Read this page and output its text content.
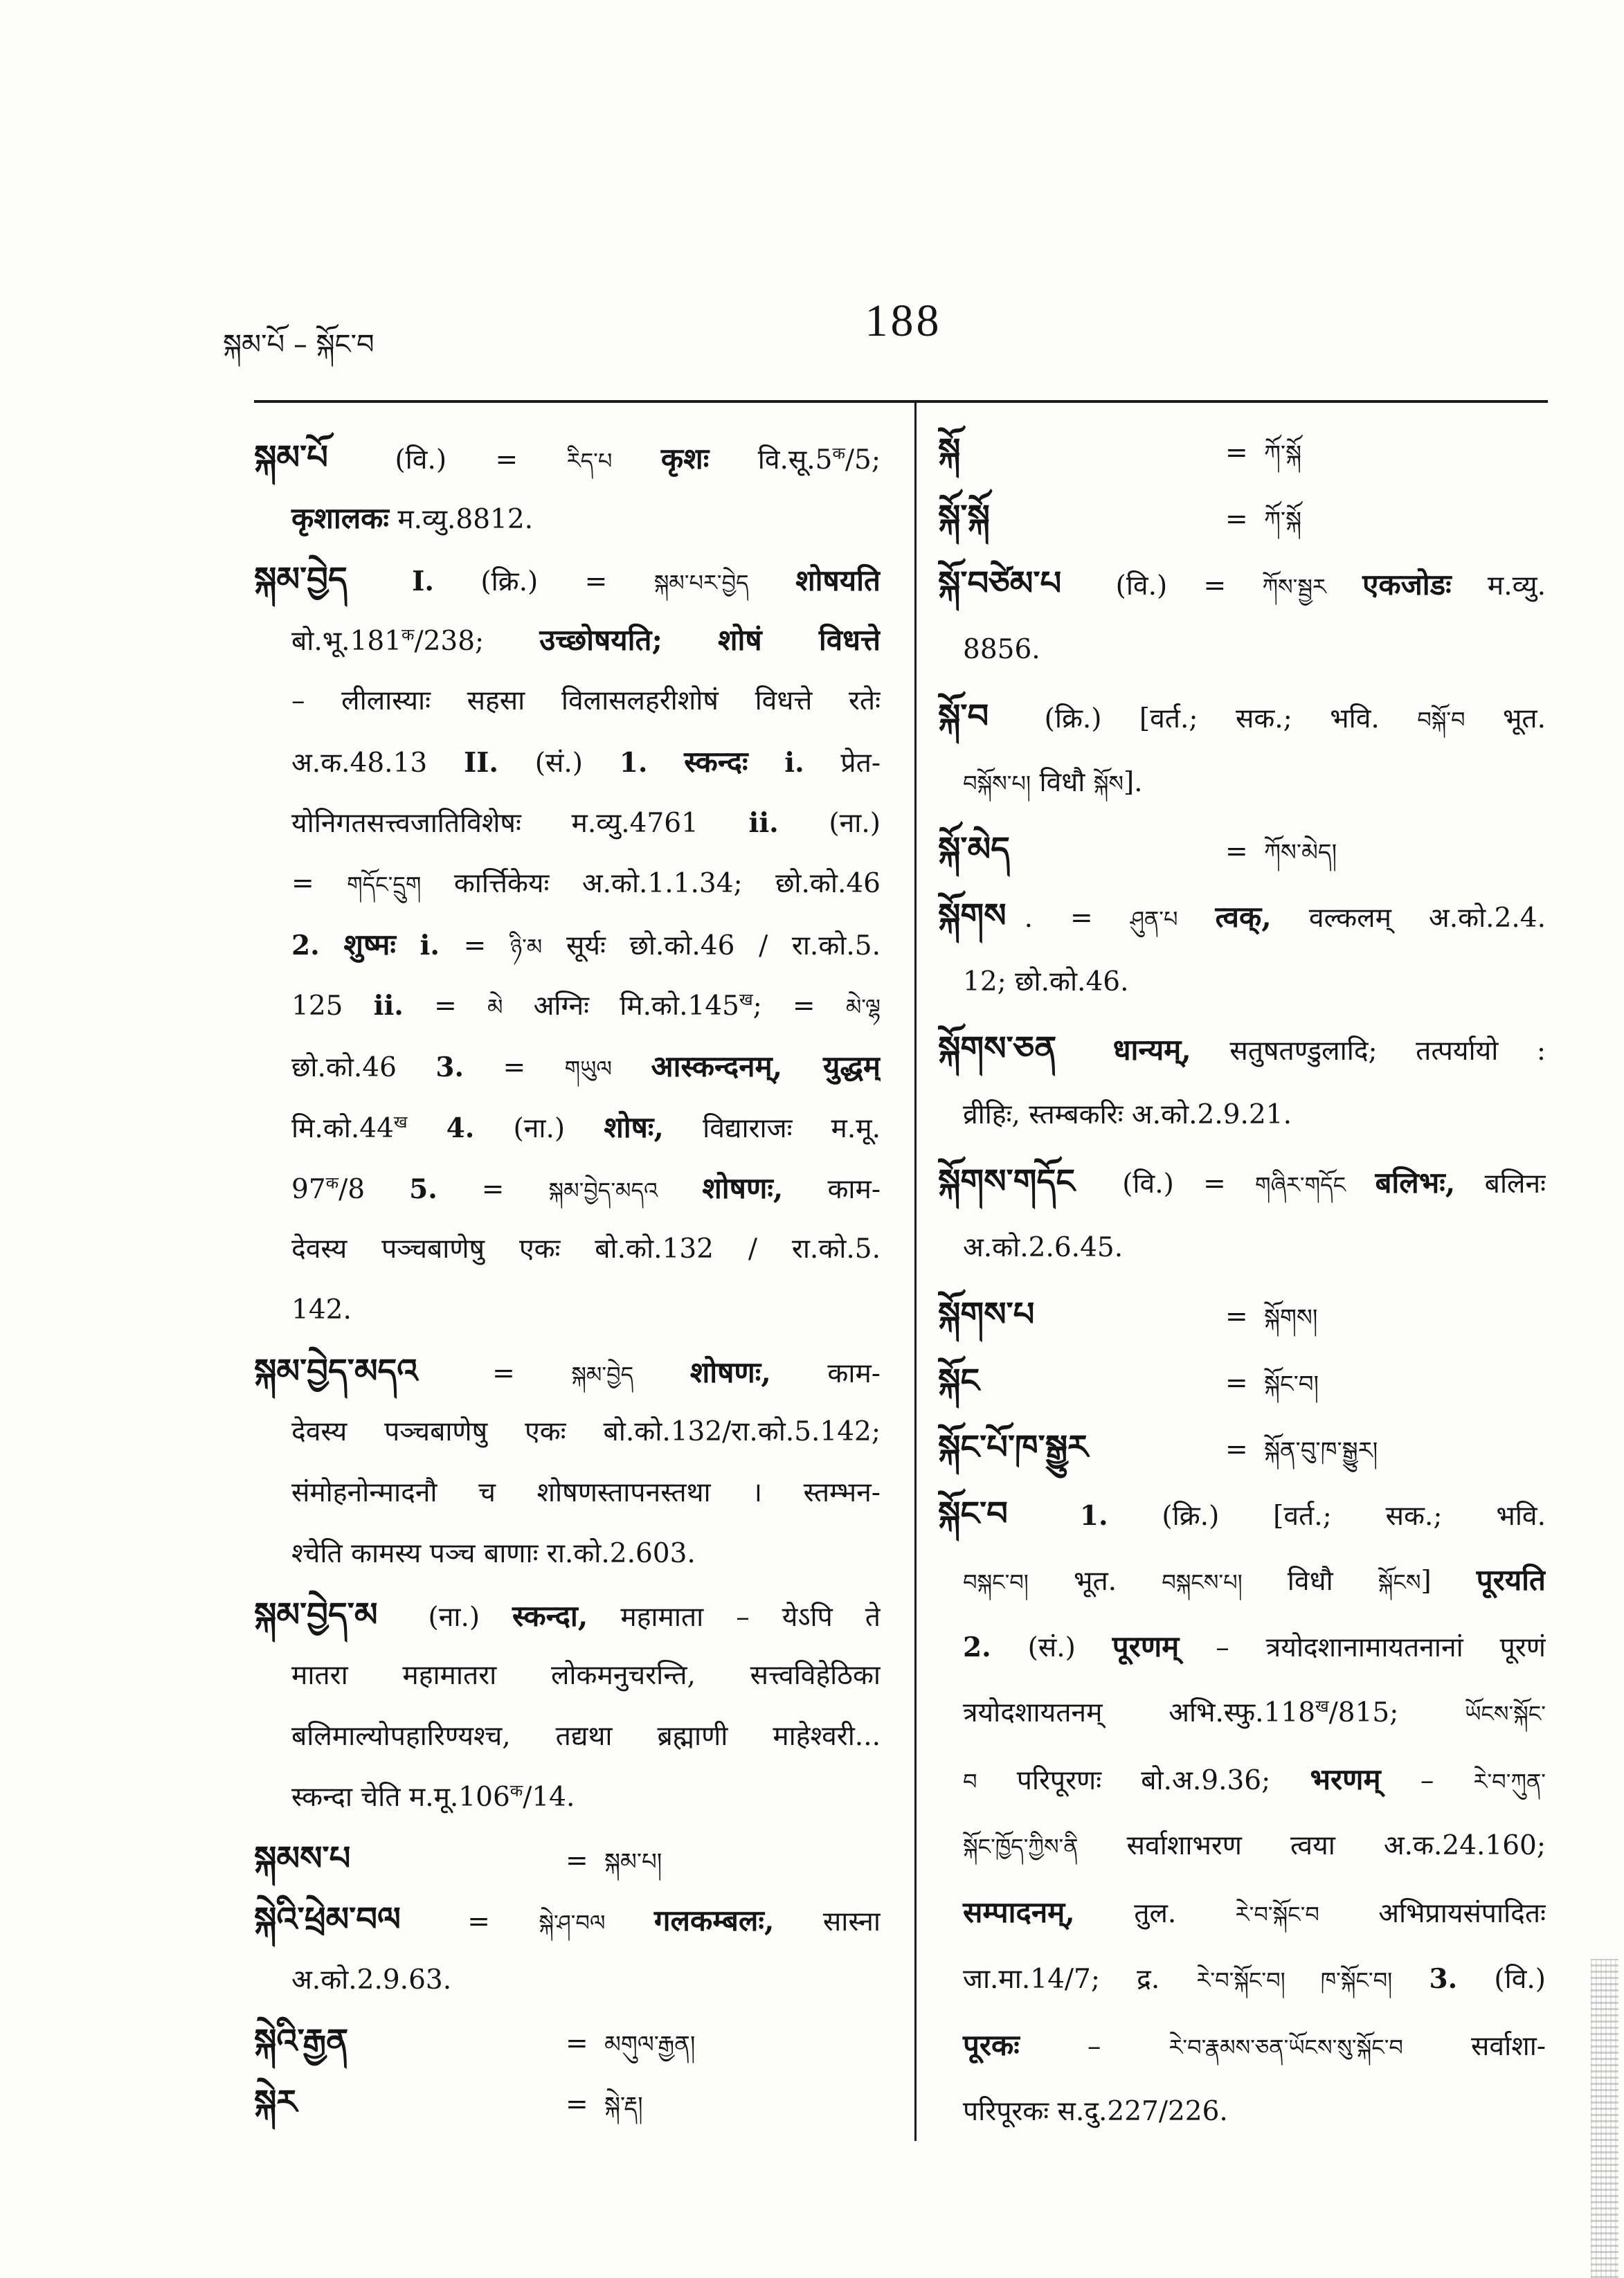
སྐམ་པོ – སྐོང་བ	188
སྐམ་པོ (वि.) = རིད་པ कृशः $वि.सू.5^क/5$;
कृशालकः म.व्यु.8812.
སྐམ་བྱེད I. (क्रि.) = སྐམ་པར་བྱེད शोषयति
$बो.भू.181^क/238$; उच्छोषयति; शोषं विधत्ते
– लीलास्याः सहसा विलासलहरीशोषं विधत्ते रतेः
अ.क.48.13 II. (सं.) 1. स्कन्दः i. प्रेत-
योनिगतसत्त्वजातिविशेषः म.व्यु.4761 ii. (ना.)
= གདོང་དྲུག कार्त्तिकेयः अ.को.1.1.34; छो.को.46
2. शुष्मः i. = ཉི་མ सूर्यः छो.को.46 / रा.को.5.
125 ii. = མེ अग्निः $मि.को.145^ख$; = མེ་ལྷ
छो.को.46 3. = གཡུལ आस्कन्दनम्, युद्धम्
$मि.को.44^ख$ 4. (ना.) शोषः, विद्याराजः म.मू.
$97^क/8$ 5. = སྐམ་བྱེད་མདའ शोषणः, काम-
देवस्य पञ्चबाणेषु एकः बो.को.132 / रा.को.5.
142.
སྐམ་བྱེད་མདའ = སྐམ་བྱེད शोषणः, काम-
देवस्य पञ्चबाणेषु एकः बो.को.132/रा.को.5.142;
संमोहनोन्मादनौ च शोषणस्तापनस्तथा । स्तम्भन-
श्चेति कामस्य पञ्च बाणाः रा.को.2.603.
སྐམ་བྱེད་མ (ना.) स्कन्दा, महामाता – येऽपि ते
मातरा महामातरा लोकमनुचरन्ति, सत्त्वविहेठिका
बलिमाल्योपहारिण्यश्च, तद्यथा ब्रह्माणी माहेश्वरी...
स्कन्दा चेति $म.मू.106^क/14$.
སྐམས་པ	= སྐམ་པ།
སྐེའི་ཕྲེམ་བལ = སྐེ་ཤ་བལ गलकम्बलः, सास्ना
अ.को.2.9.63.
སྐེའི་རྒྱན	= མགུལ་རྒྱན།
སྐེར	= སྐེ་རྡ།
སྐོ	= ཀོ་སྐོ
སྐོ་སྐོ	= ཀོ་སྐོ
སྐོ་བཙེམ་པ (वि.) = ཀོས་སྦྱར एकजोडः म.व्यु.
8856.
སྐོ་བ (क्रि.) [वर्त.; सक.; भवि. བསྐོ་བ भूत.
བསྐོས་པ། विधौ སྐོས].
སྐོ་མེད	= ཀོས་མེད།
སྐོགས . = ཤུན་པ त्वक्, वल्कलम् अ.को.2.4.
12; छो.को.46.
སྐོགས་ཅན धान्यम्, सतुषतण्डुलादि; तत्पर्यायो :
व्रीहिः, स्तम्बकरिः अ.को.2.9.21.
སྐོགས་གདོང (वि.) = གཞིར་གདོང बलिभः, बलिनः
अ.को.2.6.45.
སྐོགས་པ	= སྐོགས།
སྐོང	= སྐོང་བ།
སྐོང་པོ་ཁ་སྒྱུར	= སྐོན་བུ་ཁ་སྒྱུར།
སྐོང་བ	1. (क्रि.) [वर्त.; सक.; भवि.
བསྐང་བ། भूत. བསྐངས་པ། विधौ སྐོངས] पूरयति
2. (सं.) पूरणम् – त्रयोदशानामायतनानां पूरणं
त्रयोदशायतनम् $अभि.स्फु.118^ख/815$; ཡོངས་སྐོང་
བ परिपूरणः बो.अ.9.36; भरणम् – རེ་བ་ཀུན་
སྐོང་ཁྱོད་ཀྱིས་ནི सर्वाशाभरण त्वया अ.क.24.160;
सम्पादनम्, तुल. རེ་བ་སྐོང་བ अभिप्रायसंपादितः
जा.मा.14/7; द्र. རེ་བ་སྐོང་བ། ཁ་སྐོང་བ། 3. (वि.)
पूरकः – རེ་བ་རྣམས་ཅན་ཡོངས་སུ་སྐོང་བ सर्वाशा-
परिपूरकः स.दु.227/226.
